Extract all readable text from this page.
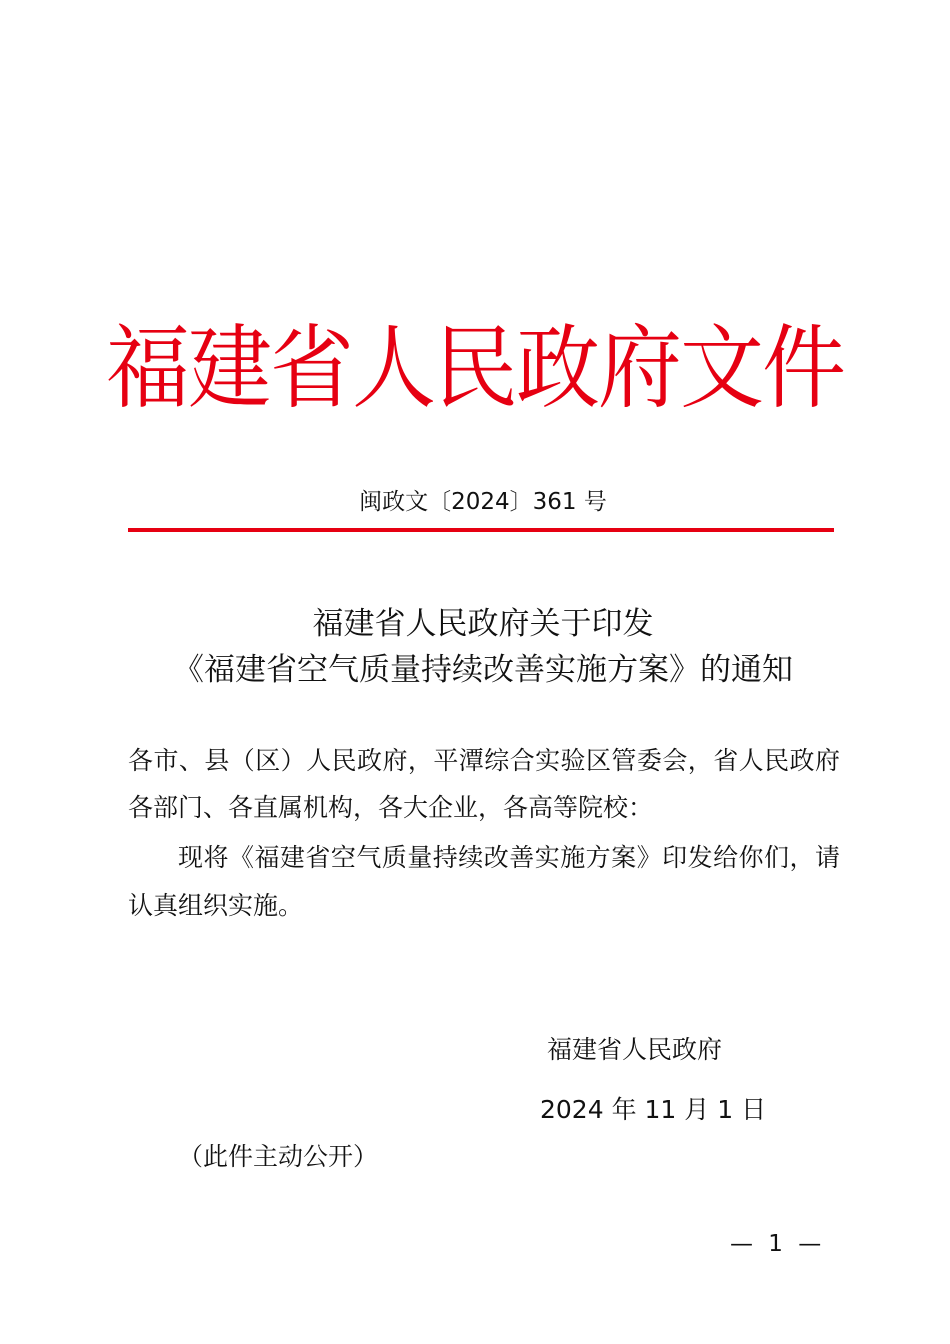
福建省人民政府文件
闽政文〔2024〕361 号
福建省人民政府关于印发
《福建省空气质量持续改善实施方案》的通知
各市、县（区）人民政府，平潭综合实验区管委会，省人民政府
各部门、各直属机构，各大企业，各高等院校：
现将《福建省空气质量持续改善实施方案》印发给你们，请
认真组织实施。
福建省人民政府
2024 年 11 月 1 日
（此件主动公开）
— 1 —
